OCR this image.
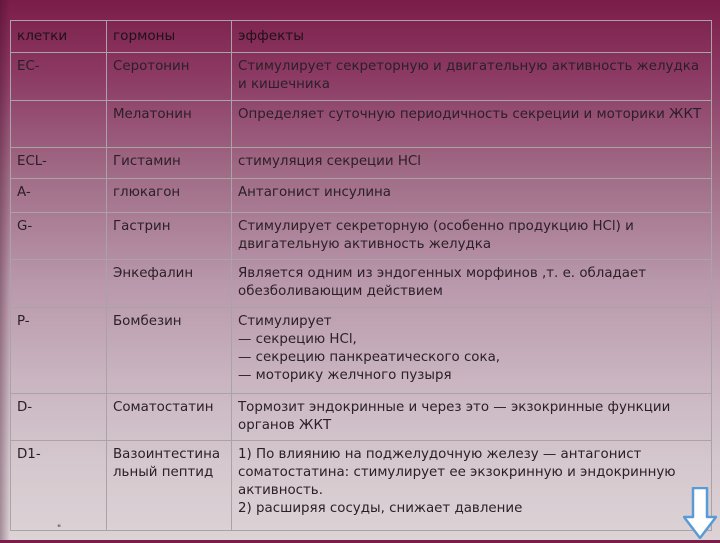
клетки	гормоны	эффекты
EC-	Серотонин	Стимулирует секреторную и двигательную активность желудка и кишечника
	Мелатонин	Определяет суточную периодичность секреции и моторики ЖКТ
ECL-	Гистамин	стимуляция секреции HCl
A-	глюкагон	Антагонист инсулина
G-	Гастрин	Стимулирует секреторную (особенно продукцию HCl) и двигательную активность желудка
	Энкефалин	Является одним из эндогенных морфинов ,т. е. обладает обезболивающим действием
P-	Бомбезин	Стимулирует
— секрецию HCl,
— секрецию панкреатического сока,
— моторику желчного пузыря
D-	Соматостатин	Тормозит эндокринные и через это — экзокринные функции органов ЖКТ
D1-	Вазоинтестина льный пептид	1) По влиянию на поджелудочную железу — антагонист соматостатина: стимулирует ее экзокринную и эндокринную активность.
2) расширяя сосуды, снижает давление
"
